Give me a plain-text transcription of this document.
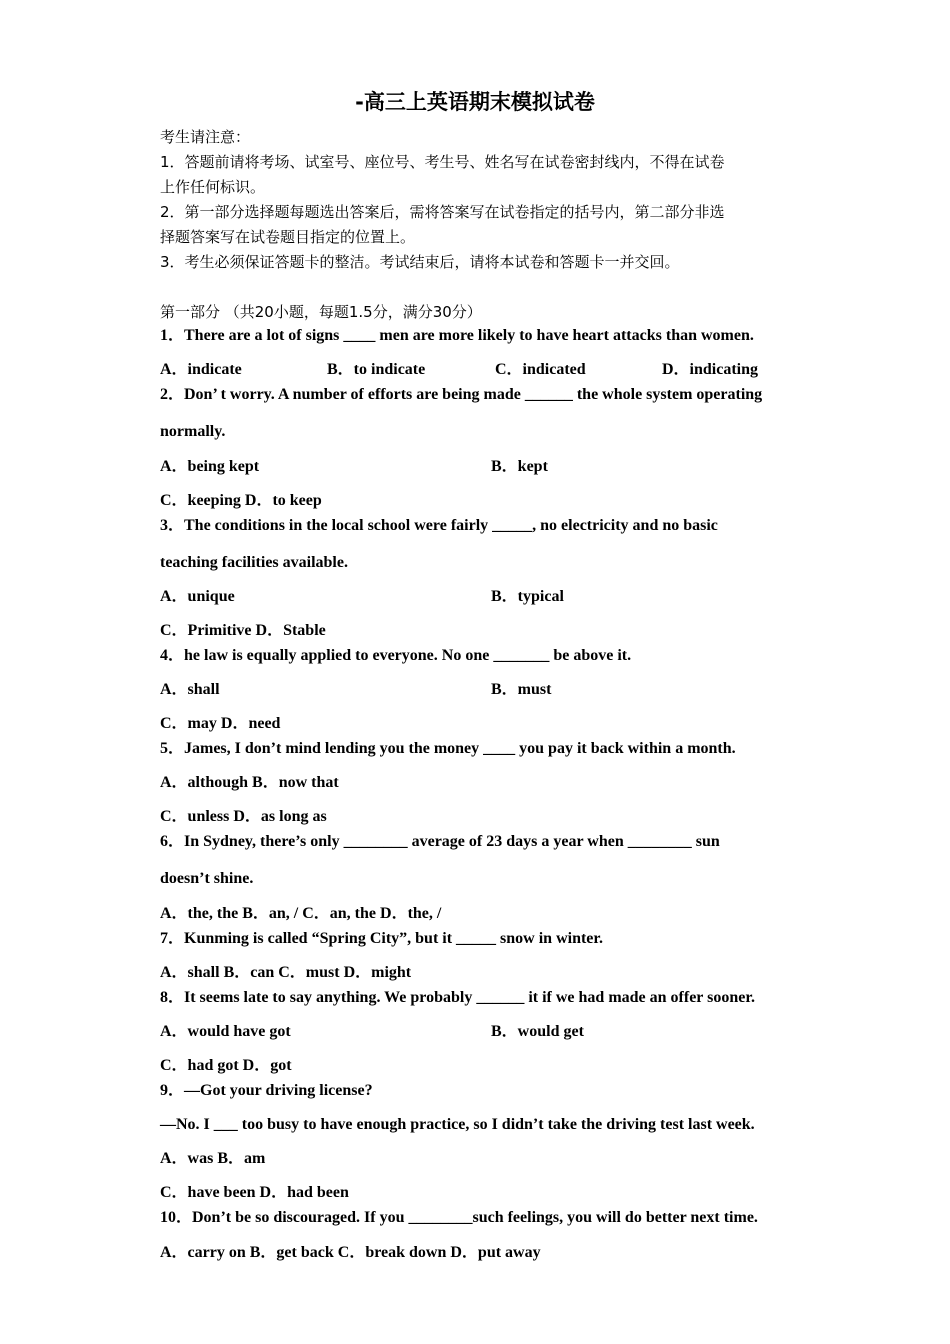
-高三上英语期末模拟试卷
考生请注意：
1．答题前请将考场、试室号、座位号、考生号、姓名写在试卷密封线内，不得在试卷
上作任何标识。
2．第一部分选择题每题选出答案后，需将答案写在试卷指定的括号内，第二部分非选
择题答案写在试卷题目指定的位置上。
3．考生必须保证答题卡的整洁。考试结束后，请将本试卷和答题卡一并交回。
第一部分 （共20小题，每题1.5分，满分30分）
1．There are a lot of signs ____ men are more likely to have heart attacks than women.
A．indicate	B．to indicate	C．indicated	D．indicating
2．Don’ t worry. A number of efforts are being made ______ the whole system operating
normally.
A．being kept	B．kept
C．keeping D．to keep
3．The conditions in the local school were fairly _____, no electricity and no basic
teaching facilities available.
A．unique	B．typical
C．Primitive D．Stable
4．he law is equally applied to everyone. No one _______ be above it.
A．shall	B．must
C．may D．need
5．James, I don’t mind lending you the money ____ you pay it back within a month.
A．although B．now that
C．unless D．as long as
6．In Sydney, there’s only ________ average of 23 days a year when ________ sun
doesn’t shine.
A．the, the B．an, / C．an, the D．the, /
7．Kunming is called “Spring City”, but it _____ snow in winter.
A．shall B．can C．must D．might
8．It seems late to say anything. We probably ______ it if we had made an offer sooner.
A．would have got	B．would get
C．had got D．got
9．—Got your driving license?
—No. I ___ too busy to have enough practice, so I didn’t take the driving test last week.
A．was B．am
C．have been D．had been
10．Don’t be so discouraged. If you ________such feelings, you will do better next time.
A．carry on B．get back C．break down D．put away
